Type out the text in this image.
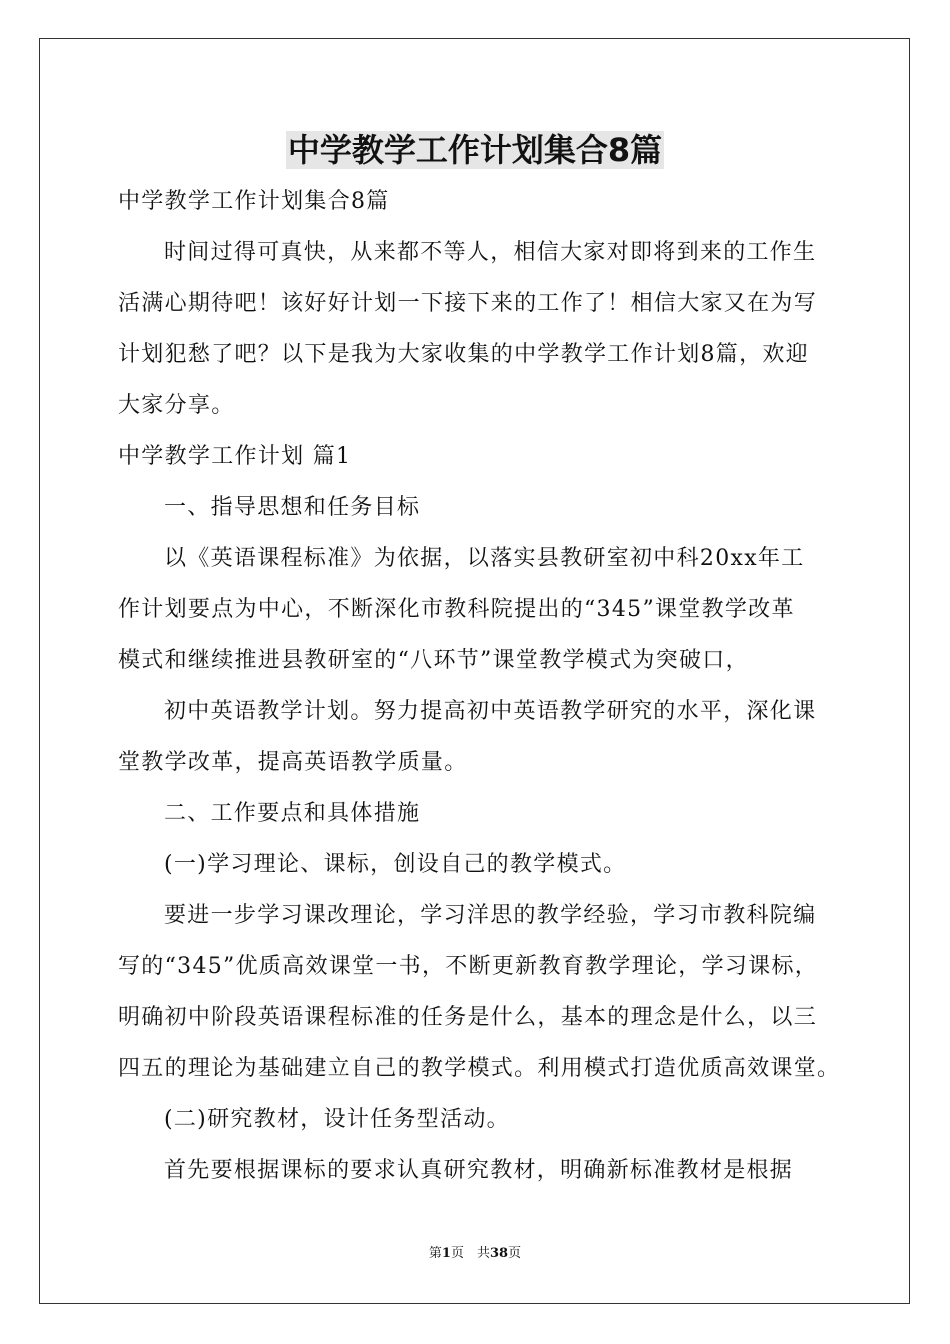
中学教学工作计划集合8篇
中学教学工作计划集合8篇
时间过得可真快，从来都不等人，相信大家对即将到来的工作生
活满心期待吧！该好好计划一下接下来的工作了！相信大家又在为写
计划犯愁了吧？以下是我为大家收集的中学教学工作计划8篇，欢迎
大家分享。
中学教学工作计划 篇1
一、指导思想和任务目标
以《英语课程标准》为依据，以落实县教研室初中科20xx年工
作计划要点为中心，不断深化市教科院提出的“345”课堂教学改革
模式和继续推进县教研室的“八环节”课堂教学模式为突破口，
初中英语教学计划。努力提高初中英语教学研究的水平，深化课
堂教学改革，提高英语教学质量。
二、工作要点和具体措施
(一)学习理论、课标，创设自己的教学模式。
要进一步学习课改理论，学习洋思的教学经验，学习市教科院编
写的“345”优质高效课堂一书，不断更新教育教学理论，学习课标，
明确初中阶段英语课程标准的任务是什么，基本的理念是什么，以三
四五的理论为基础建立自己的教学模式。利用模式打造优质高效课堂。
(二)研究教材，设计任务型活动。
首先要根据课标的要求认真研究教材，明确新标准教材是根据
第1页　共38页
